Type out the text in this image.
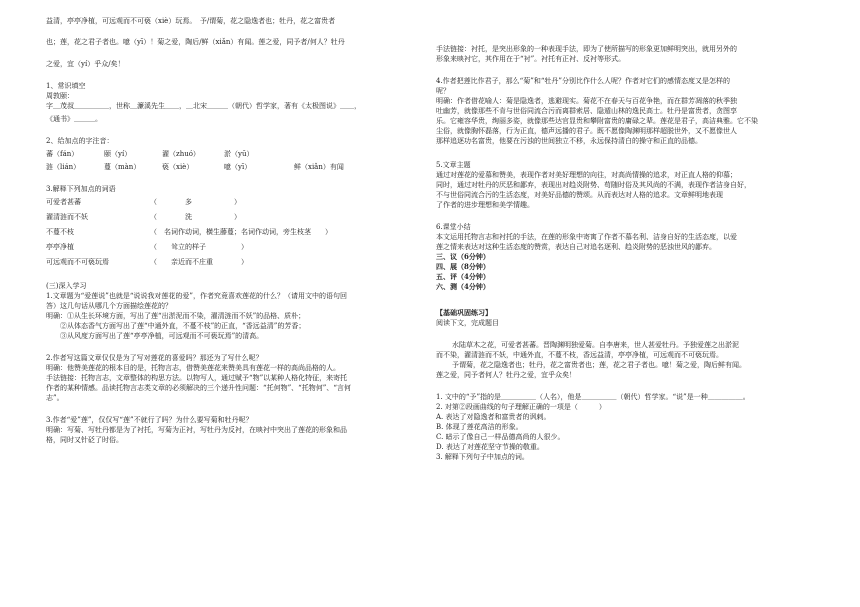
益清，亭亭净植，可远观而不可亵（xiè）玩焉。　予/谓菊，花之隐逸者也；牡丹，花之富贵者
也；莲，花之君子者也。噫（yī）！菊之爱，陶后/鲜（xiǎn）有闻。莲之爱，同予者/何人？牡丹
之爱，宜（yí）乎众/矣！
1、常识填空
周敦颐：
字＿茂叔＿＿＿＿＿，世称＿濂溪先生＿＿，＿北宋＿＿＿（朝代）哲学家，著有《太极图说》＿＿，
《通书》＿＿＿。
2、给加点的字注音：
蕃（fán）	颐（yí）	濯（zhuó）	淤（yū）
涟（lián）	蔓（màn）	亵（xiè）	噫（yī）	鲜（xiǎn）有闻
3.解释下列加点的词语
可爱者甚蕃	（　　　　多　　　　　　）
濯清涟而不妖	（　　　　洗　　　　　　）
不蔓不枝	（　名词作动词，横生藤蔓；名词作动词，旁生枝茎　　）
亭亭净植	（　　耸立的样子　　　　　）
可远观而不可亵玩焉	（　　亲近而不庄重　　　　）
(三)深入学习
1.文章题为“爱莲说”也就是“说说我对莲花的爱”，作者究竟喜欢莲花的什么？（请用文中的语句回
答）这几句话从哪几个方面描绘莲花的？
明确：①从生长环境方面，写出了莲“出淤泥而不染，濯清涟而不妖”的品格、质朴；
　　②从体态香气方面写出了莲“中通外直，不蔓不枝”的正直，“香远益清”的芳香；
　　③从风度方面写出了莲“亭亭净植，可远观而不可亵玩焉”的清高。
2.作者写这篇文章仅仅是为了写对莲花的喜爱吗？那还为了写什么呢？
明确：他赞美莲花的根本目的是，托物言志，借赞美莲花来赞美具有莲花一样的高尚品格的人。
手法链接：托物言志，文章整体的构思方法。以物写人，通过赋予“物”以某种人格化特征，来寄托
作者的某种情感。品读托物言志类文章的必须解决的三个递升性问题：“托何物”、“托物何”、“言何
志”。
3.作者“爱”莲”，仅仅写“莲”不就行了吗？为什么要写菊和牡丹呢？
明确：写菊、写牡丹都是为了衬托，写菊为正衬，写牡丹为反衬，在映衬中突出了莲花的形象和品
格，同时又针砭了时俗。
手法链接：衬托，是突出形象的一种表现手法，即为了使所描写的形象更加鲜明突出，就用另外的
形象来映衬它，其作用在于“衬”。衬托有正衬、反衬等形式。
4.作者把莲比作君子，那么“菊”和“牡丹”分别比作什么人呢？作者对它们的感情态度又是怎样的
呢？
明确：作者借花喻人：菊是隐逸者，逃避现实。菊花不在春天与百花争艳，而在群芳凋落的秋季独
吐幽芳，就像那些不肯与世俗同流合污而离群索居、隐遁山林的逸民高士。牡丹是富贵者，贪图享
乐。它雍容华贵，绚丽多姿，就像那些达官显贵和攀附富贵的庸碌之辈。莲花是君子，高洁典雅。它不染
尘俗，就像胸怀磊落，行为正直，德声远播的君子。既不愿像陶渊明那样超脱世外，又不愿像世人
那样追逐功名富贵，他要在污浊的世间独立不移，永远保持清白的操守和正直的品德。
5.文章主题
通过对莲花的爱慕和赞美，表现作者对美好理想的向往，对高尚情操的追求，对正直人格的仰慕；
同时，通过对牡丹的厌恶和鄙弃，表现出对趋炎附势、苟随时俗及其风尚的不满，表现作者洁身自好，
不与世俗同流合污的生活态度，对美好品德的赞颂。从而表达对人格的追求。文章鲜明地表现
了作者的进步理想和美学情趣。
6.课堂小结
本文运用托物言志和衬托的手法，在莲的形象中寄寓了作者不慕名利、洁身自好的生活态度，以爱
莲之情来表达对这种生活态度的赞赏，表达自己对追名逐利、趋炎附势的恶浊世风的鄙弃。
三、议（6分钟）
四、展（8分钟）
五、评（4分钟）
六、测（4分钟）
【基础巩固练习】
阅读下文，完成题目
水陆草木之花，可爱者甚蕃。晋陶渊明独爱菊。自李唐来，世人甚爱牡丹。予独爱莲之出淤泥
而不染，濯清涟而不妖，中通外直，不蔓不枝，香远益清，亭亭净植，可远观而不可亵玩焉。
予谓菊，花之隐逸者也；牡丹，花之富贵者也；莲，花之君子者也。噫！菊之爱，陶后鲜有闻。
莲之爱，同予者何人？牡丹之爱，宜乎众矣！
1. 文中的“予”指的是＿＿＿＿＿（人名），他是＿＿＿＿＿（朝代）哲学家。“说”是一种＿＿＿＿＿。
2. 对第②段画曲线的句子理解正确的一项是（　　　）
A. 表达了对隐逸者和富贵者的讽刺。
B. 体现了莲花高洁的形象。
C. 暗示了像自己一样品德高尚的人很少。
D. 表达了对莲花坚守节操的敬重。
3. 解释下列句子中加点的词。
